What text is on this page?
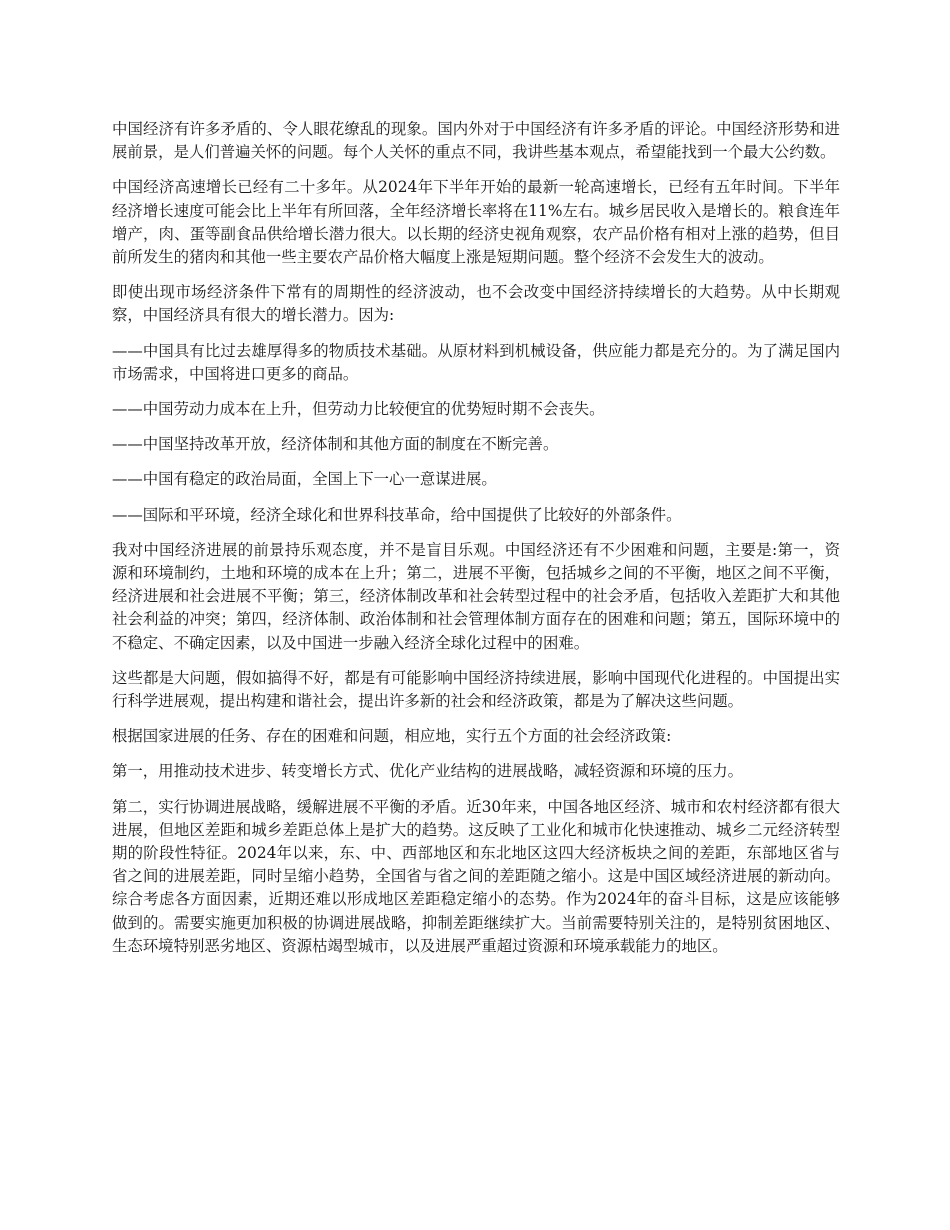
中国经济有许多矛盾的、令人眼花缭乱的现象。国内外对于中国经济有许多矛盾的评论。中国经济形势和进展前景，是人们普遍关怀的问题。每个人关怀的重点不同，我讲些基本观点，希望能找到一个最大公约数。

中国经济高速增长已经有二十多年。从2024年下半年开始的最新一轮高速增长，已经有五年时间。下半年经济增长速度可能会比上半年有所回落，全年经济增长率将在11%左右。城乡居民收入是增长的。粮食连年增产，肉、蛋等副食品供给增长潜力很大。以长期的经济史视角观察，农产品价格有相对上涨的趋势，但目前所发生的猪肉和其他一些主要农产品价格大幅度上涨是短期问题。整个经济不会发生大的波动。

即使出现市场经济条件下常有的周期性的经济波动，也不会改变中国经济持续增长的大趋势。从中长期观察，中国经济具有很大的增长潜力。因为:

——中国具有比过去雄厚得多的物质技术基础。从原材料到机械设备，供应能力都是充分的。为了满足国内市场需求，中国将进口更多的商品。

——中国劳动力成本在上升，但劳动力比较便宜的优势短时期不会丧失。

——中国坚持改革开放，经济体制和其他方面的制度在不断完善。

——中国有稳定的政治局面，全国上下一心一意谋进展。

——国际和平环境，经济全球化和世界科技革命，给中国提供了比较好的外部条件。

我对中国经济进展的前景持乐观态度，并不是盲目乐观。中国经济还有不少困难和问题，主要是:第一，资源和环境制约，土地和环境的成本在上升；第二，进展不平衡，包括城乡之间的不平衡，地区之间不平衡，经济进展和社会进展不平衡；第三，经济体制改革和社会转型过程中的社会矛盾，包括收入差距扩大和其他社会利益的冲突；第四，经济体制、政治体制和社会管理体制方面存在的困难和问题；第五，国际环境中的不稳定、不确定因素，以及中国进一步融入经济全球化过程中的困难。

这些都是大问题，假如搞得不好，都是有可能影响中国经济持续进展，影响中国现代化进程的。中国提出实行科学进展观，提出构建和谐社会，提出许多新的社会和经济政策，都是为了解决这些问题。

根据国家进展的任务、存在的困难和问题，相应地，实行五个方面的社会经济政策:

第一，用推动技术进步、转变增长方式、优化产业结构的进展战略，减轻资源和环境的压力。

第二，实行协调进展战略，缓解进展不平衡的矛盾。近30年来，中国各地区经济、城市和农村经济都有很大进展，但地区差距和城乡差距总体上是扩大的趋势。这反映了工业化和城市化快速推动、城乡二元经济转型期的阶段性特征。2024年以来，东、中、西部地区和东北地区这四大经济板块之间的差距，东部地区省与省之间的进展差距，同时呈缩小趋势，全国省与省之间的差距随之缩小。这是中国区域经济进展的新动向。综合考虑各方面因素，近期还难以形成地区差距稳定缩小的态势。作为2024年的奋斗目标，这是应该能够做到的。需要实施更加积极的协调进展战略，抑制差距继续扩大。当前需要特别关注的，是特别贫困地区、生态环境特别恶劣地区、资源枯竭型城市，以及进展严重超过资源和环境承载能力的地区。
